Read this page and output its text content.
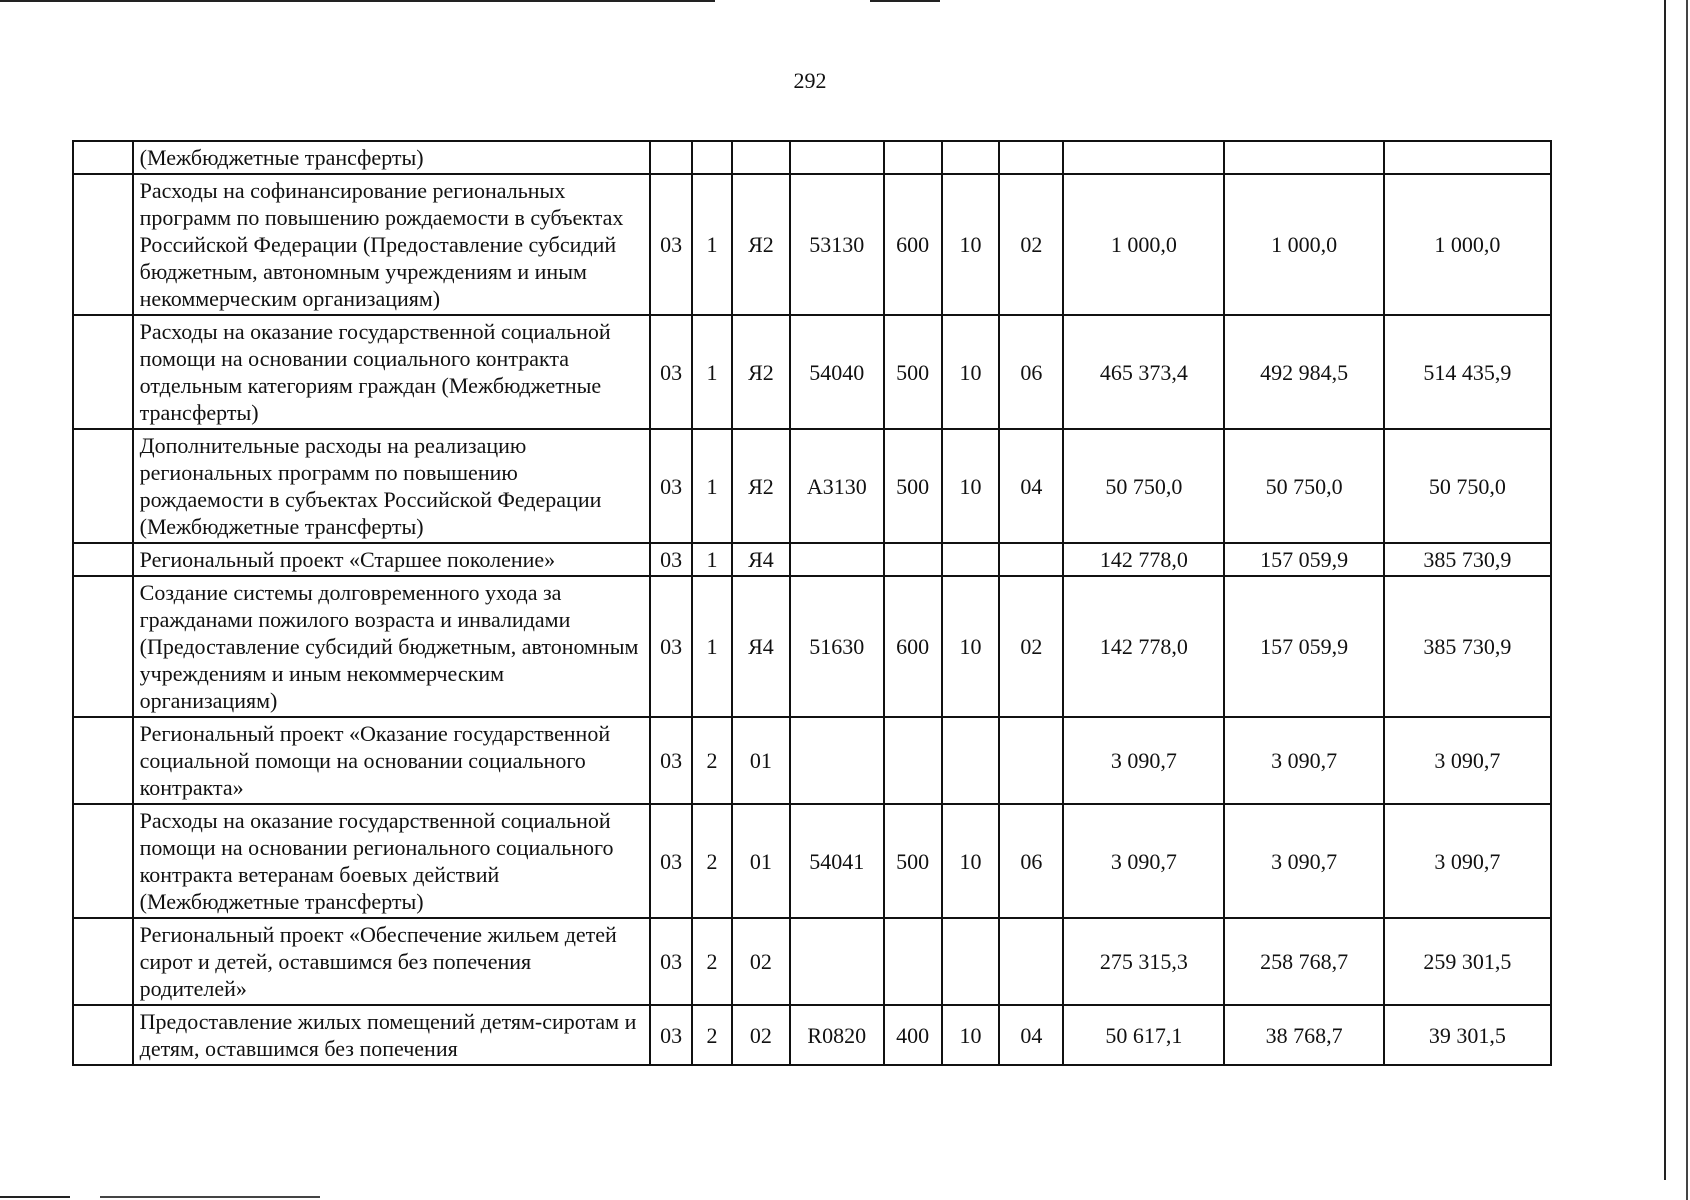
292
	(Межбюджетные трансферты)										
	Расходы на софинансирование региональных программ по повышению рождаемости в субъектах Российской Федерации (Предоставление субсидий бюджетным, автономным учреждениям и иным некоммерческим организациям)	03	1	Я2	53130	600	10	02	1 000,0	1 000,0	1 000,0
	Расходы на оказание государственной социальной помощи на основании социального контракта отдельным категориям граждан (Межбюджетные трансферты)	03	1	Я2	54040	500	10	06	465 373,4	492 984,5	514 435,9
	Дополнительные расходы на реализацию региональных программ по повышению рождаемости в субъектах Российской Федерации (Межбюджетные трансферты)	03	1	Я2	А3130	500	10	04	50 750,0	50 750,0	50 750,0
	Региональный проект «Старшее поколение»	03	1	Я4					142 778,0	157 059,9	385 730,9
	Создание системы долговременного ухода за гражданами пожилого возраста и инвалидами (Предоставление субсидий бюджетным, автономным учреждениям и иным некоммерческим организациям)	03	1	Я4	51630	600	10	02	142 778,0	157 059,9	385 730,9
	Региональный проект «Оказание государственной социальной помощи на основании социального контракта»	03	2	01					3 090,7	3 090,7	3 090,7
	Расходы на оказание государственной социальной помощи на основании регионального социального контракта ветеранам боевых действий (Межбюджетные трансферты)	03	2	01	54041	500	10	06	3 090,7	3 090,7	3 090,7
	Региональный проект «Обеспечение жильем детей сирот и детей, оставшимся без попечения родителей»	03	2	02					275 315,3	258 768,7	259 301,5
	Предоставление жилых помещений детям-сиротам и детям, оставшимся без попечения	03	2	02	R0820	400	10	04	50 617,1	38 768,7	39 301,5
